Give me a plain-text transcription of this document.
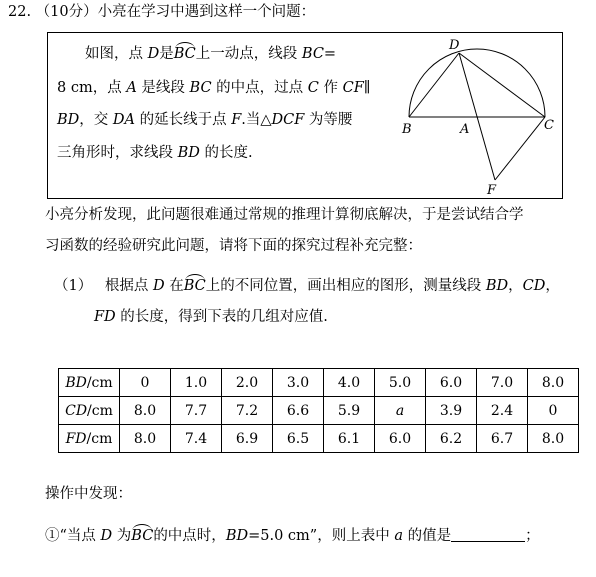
22. （10分）小亮在学习中遇到这样一个问题：
如图，点 D是BC上一动点，线段 BC=
8 cm，点 A 是线段 BC 的中点，过点 C 作 CF∥
BD，交 DA 的延长线于点 F.当△DCF 为等腰
三角形时，求线段 BD 的长度.
D
B	A	C
F
小亮分析发现，此问题很难通过常规的推理计算彻底解决，于是尝试结合学
习函数的经验研究此问题，请将下面的探究过程补充完整：
（1） 根据点 D 在BC上的不同位置，画出相应的图形，测量线段 BD，CD，
FD 的长度，得到下表的几组对应值.
BD/cm	0	1.0	2.0	3.0	4.0	5.0	6.0	7.0	8.0
CD/cm	8.0	7.7	7.2	6.6	5.9	a	3.9	2.4	0
FD/cm	8.0	7.4	6.9	6.5	6.1	6.0	6.2	6.7	8.0
操作中发现：
①“当点 D 为BC的中点时，BD=5.0 cm”，则上表中 a 的值是	；
